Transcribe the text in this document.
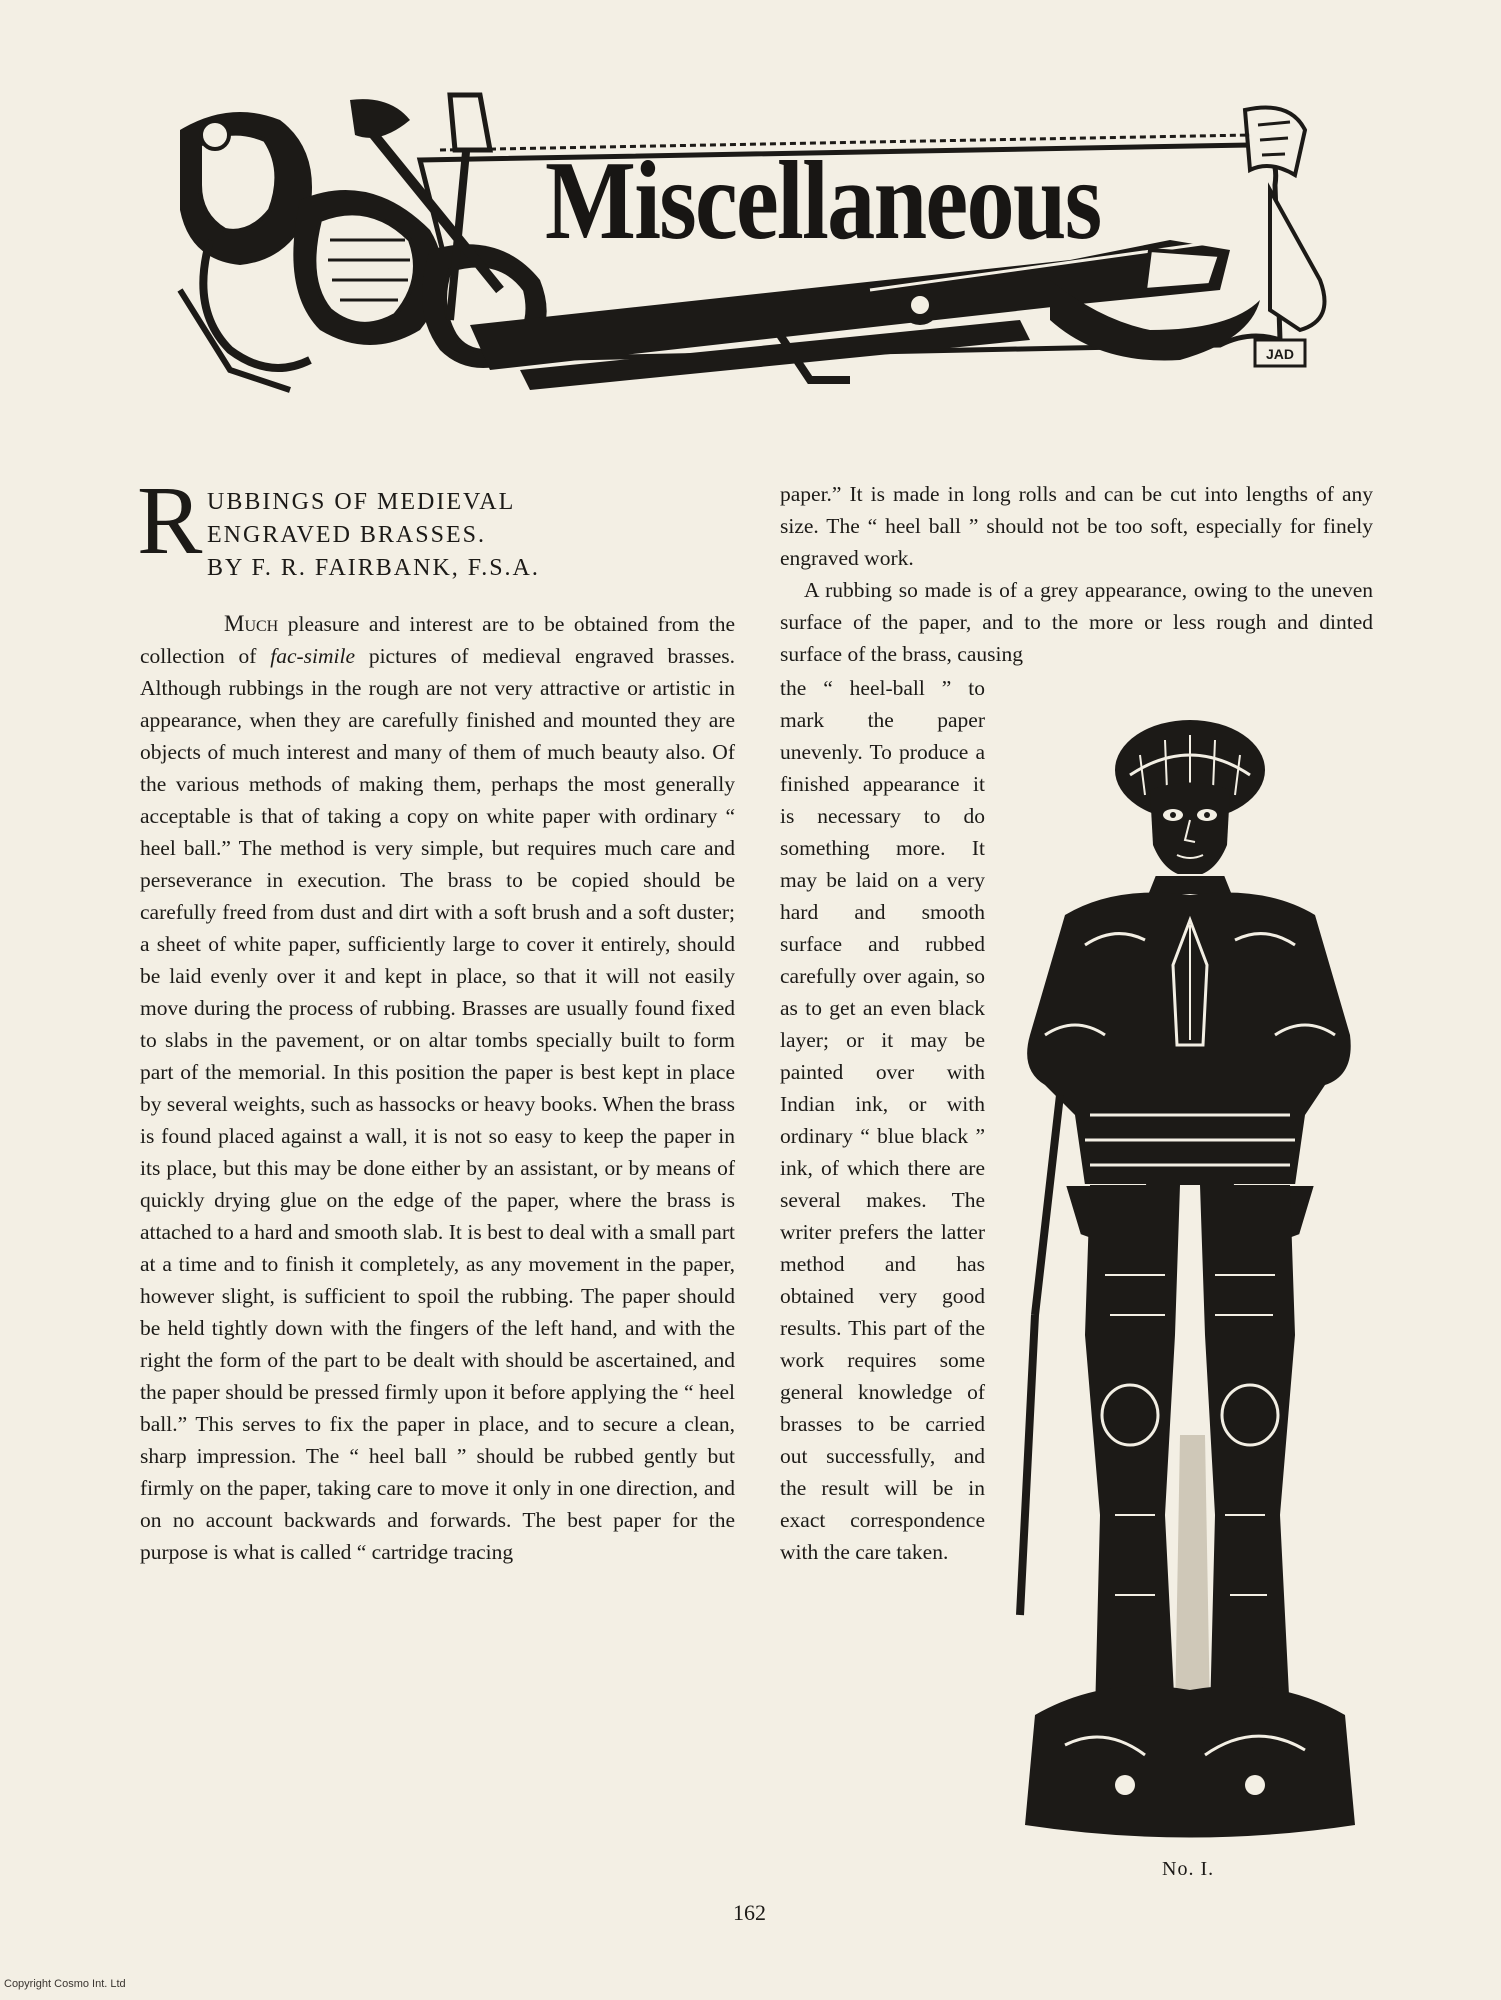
JAD
Miscellaneous
R UBBINGS OF MEDIEVAL
ENGRAVED BRASSES.
BY F. R. FAIRBANK, F.S.A.

Much pleasure and interest are to be obtained from the collection of fac-simile pictures of medieval engraved brasses. Although rubbings in the rough are not very attractive or artistic in appearance, when they are carefully finished and mounted they are objects of much interest and many of them of much beauty also. Of the various methods of making them, perhaps the most generally acceptable is that of taking a copy on white paper with ordinary “ heel ball.” The method is very simple, but requires much care and perseverance in execution. The brass to be copied should be carefully freed from dust and dirt with a soft brush and a soft duster; a sheet of white paper, sufficiently large to cover it entirely, should be laid evenly over it and kept in place, so that it will not easily move during the process of rubbing. Brasses are usually found fixed to slabs in the pavement, or on altar tombs specially built to form part of the memorial. In this position the paper is best kept in place by several weights, such as hassocks or heavy books. When the brass is found placed against a wall, it is not so easy to keep the paper in its place, but this may be done either by an assistant, or by means of quickly drying glue on the edge of the paper, where the brass is attached to a hard and smooth slab. It is best to deal with a small part at a time and to finish it completely, as any movement in the paper, however slight, is sufficient to spoil the rubbing. The paper should be held tightly down with the fingers of the left hand, and with the right the form of the part to be dealt with should be ascertained, and the paper should be pressed firmly upon it before applying the “ heel ball.” This serves to fix the paper in place, and to secure a clean, sharp impression. The “ heel ball ” should be rubbed gently but firmly on the paper, taking care to move it only in one direction, and on no account backwards and forwards. The best paper for the purpose is what is called “ cartridge tracing

paper.” It is made in long rolls and can be cut into lengths of any size. The “ heel ball ” should not be too soft, especially for finely engraved work.

A rubbing so made is of a grey appearance, owing to the uneven surface of the paper, and to the more or less rough and dinted surface of the brass, causing

the “ heel-ball ” to mark the paper unevenly. To produce a finished appearance it is necessary to do something more. It may be laid on a very hard and smooth surface and rubbed carefully over again, so as to get an even black layer; or it may be painted over with Indian ink, or with ordinary “ blue black ” ink, of which there are several makes. The writer prefers the latter method and has obtained very good results. This part of the work requires some general knowledge of brasses to be carried out successfully, and the result will be in exact correspondence with the care taken.

No. I.
162
Copyright Cosmo Int. Ltd
